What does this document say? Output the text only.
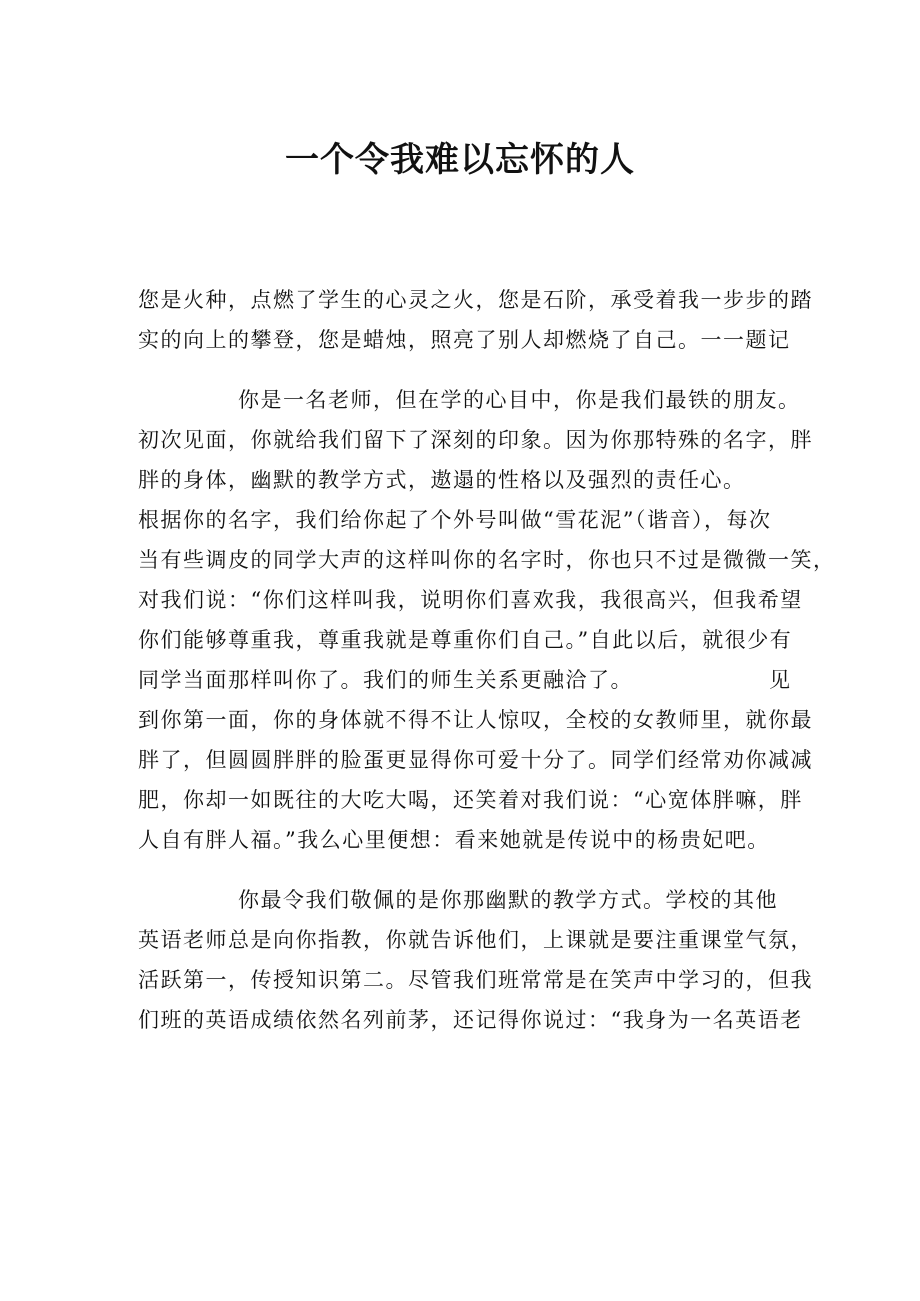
一个令我难以忘怀的人
您是火种，点燃了学生的心灵之火，您是石阶，承受着我一步步的踏
实的向上的攀登，您是蜡烛，照亮了别人却燃烧了自己。一一题记
你是一名老师，但在学的心目中，你是我们最铁的朋友。
初次见面，你就给我们留下了深刻的印象。因为你那特殊的名字，胖
胖的身体，幽默的教学方式，遨遢的性格以及强烈的责任心。
根据你的名字，我们给你起了个外号叫做“雪花泥”（谐音），每次
当有些调皮的同学大声的这样叫你的名字时，你也只不过是微微一笑，
对我们说：“你们这样叫我，说明你们喜欢我，我很高兴，但我希望
你们能够尊重我，尊重我就是尊重你们自己。”自此以后，就很少有
同学当面那样叫你了。我们的师生关系更融洽了。	见
到你第一面，你的身体就不得不让人惊叹，全校的女教师里，就你最
胖了，但圆圆胖胖的脸蛋更显得你可爱十分了。同学们经常劝你减减
肥，你却一如既往的大吃大喝，还笑着对我们说：“心宽体胖嘛，胖
人自有胖人福。”我么心里便想：看来她就是传说中的杨贵妃吧。
你最令我们敬佩的是你那幽默的教学方式。学校的其他
英语老师总是向你指教，你就告诉他们，上课就是要注重课堂气氛，
活跃第一，传授知识第二。尽管我们班常常是在笑声中学习的，但我
们班的英语成绩依然名列前茅，还记得你说过：“我身为一名英语老
